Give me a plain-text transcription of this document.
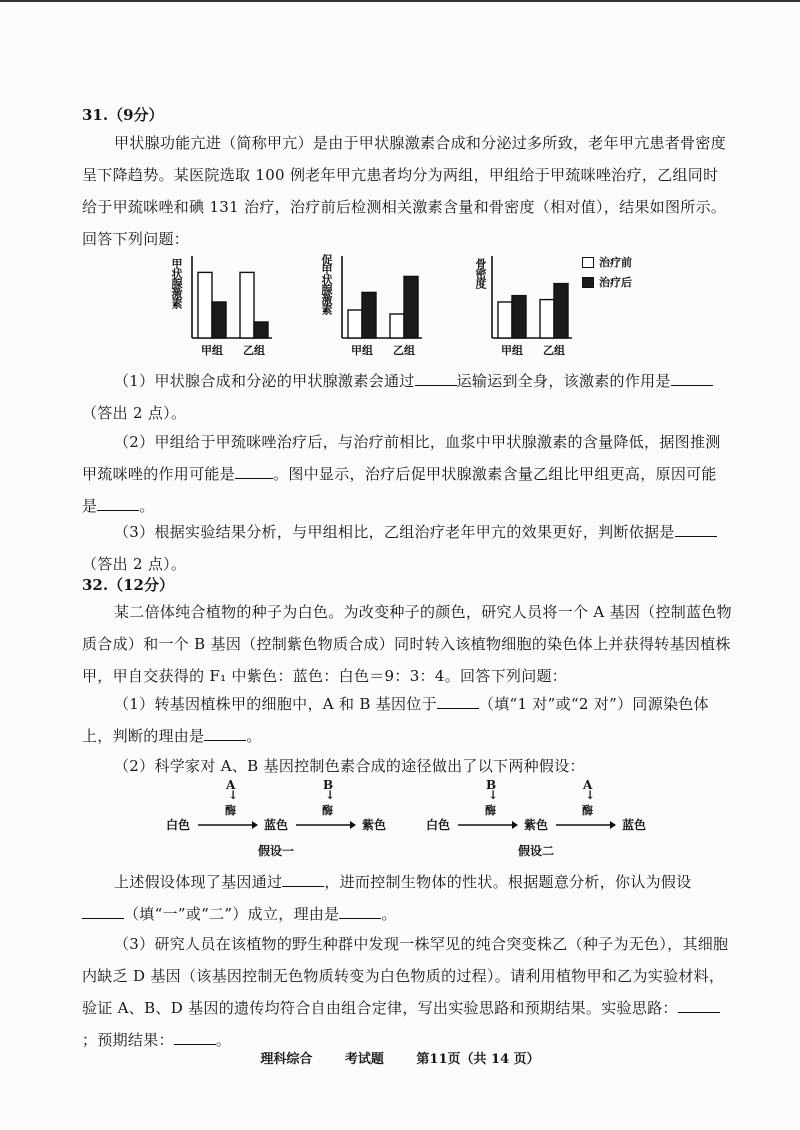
31.（9分）

甲状腺功能亢进（简称甲亢）是由于甲状腺激素合成和分泌过多所致，老年甲亢患者骨密度呈下降趋势。某医院选取 100 例老年甲亢患者均分为两组，甲组给于甲巯咪唑治疗，乙组同时给于甲巯咪唑和碘 131 治疗，治疗前后检测相关激素含量和骨密度（相对值），结果如图所示。回答下列问题：

甲状腺激素
甲组 乙组
促甲状腺激素
甲组 乙组
骨密度
甲组 乙组
治疗前
治疗后

（1）甲状腺合成和分泌的甲状腺激素会通过	运输运到全身，该激素的作用是（答出 2 点）。

（2）甲组给于甲巯咪唑治疗后，与治疗前相比，血浆中甲状腺激素的含量降低，据图推测甲巯咪唑的作用可能是	。图中显示，治疗后促甲状腺激素含量乙组比甲组更高，原因可能是	。

（3）根据实验结果分析，与甲组相比，乙组治疗老年甲亢的效果更好，判断依据是（答出 2 点）。

32.（12分）

某二倍体纯合植物的种子为白色。为改变种子的颜色，研究人员将一个 A 基因（控制蓝色物质合成）和一个 B 基因（控制紫色物质合成）同时转入该植物细胞的染色体上并获得转基因植株甲，甲自交获得的 F₁ 中紫色：蓝色：白色＝9：3：4。回答下列问题：

（1）转基因植株甲的细胞中，A 和 B 基因位于	（填“1 对”或“2 对”）同源染色体上，判断的理由是	。

（2）科学家对 A、B 基因控制色素合成的途径做出了以下两种假设：

A
↓
酶
B
↓
酶
白色	蓝色	紫色
假设一
B
↓
酶
A
↓
酶
白色	紫色	蓝色
假设二

上述假设体现了基因通过	，进而控制生物体的性状。根据题意分析，你认为假设（填“一”或“二”）成立，理由是	。

（3）研究人员在该植物的野生种群中发现一株罕见的纯合突变株乙（种子为无色），其细胞内缺乏 D 基因（该基因控制无色物质转变为白色物质的过程）。请利用植物甲和乙为实验材料，验证 A、B、D 基因的遗传均符合自由组合定律，写出实验思路和预期结果。实验思路：；预期结果：	。

理科综合	考试题	第11页（共 14 页）
